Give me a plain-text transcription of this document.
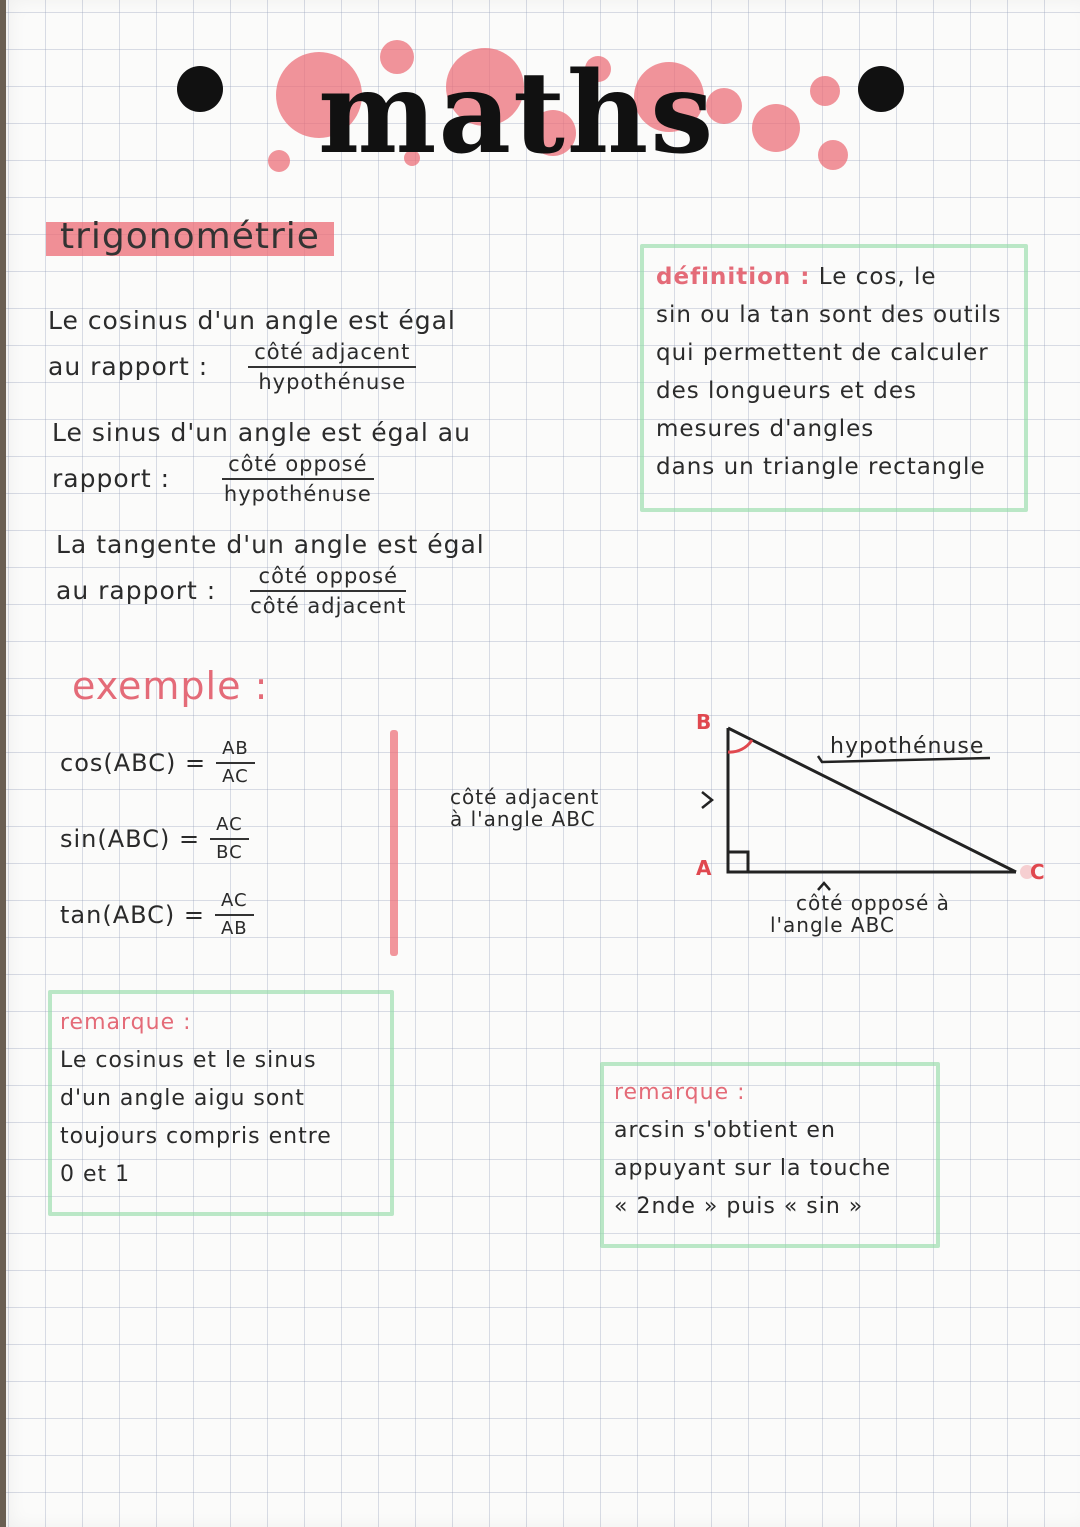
maths
trigonométrie
Le cosinus d'un angle est égal
au rapport : $\frac{\text{côté adjacent}}{\text{hypothénuse}}$
Le sinus d'un angle est égal au
rapport : $\frac{\text{côté opposé}}{\text{hypothénuse}}$
La tangente d'un angle est égal
au rapport : $\frac{\text{côté opposé}}{\text{côté adjacent}}$
définition : Le cos, le
sin ou la tan sont des outils
qui permettent de calculer
des longueurs et des
mesures d'angles
dans un triangle rectangle
exemple :
$\cos(ABC) = \frac{AB}{AC}$
$\sin(ABC) = \frac{AC}{BC}$
$\tan(ABC) = \frac{AC}{AB}$
B
A	C
hypothénuse
côté adjacent
à l'angle ABC
côté opposé à
l'angle ABC
remarque :
Le cosinus et le sinus
d'un angle aigu sont
toujours compris entre
0 et 1
remarque :
arcsin s'obtient en
appuyant sur la touche
« 2nde » puis « sin »
